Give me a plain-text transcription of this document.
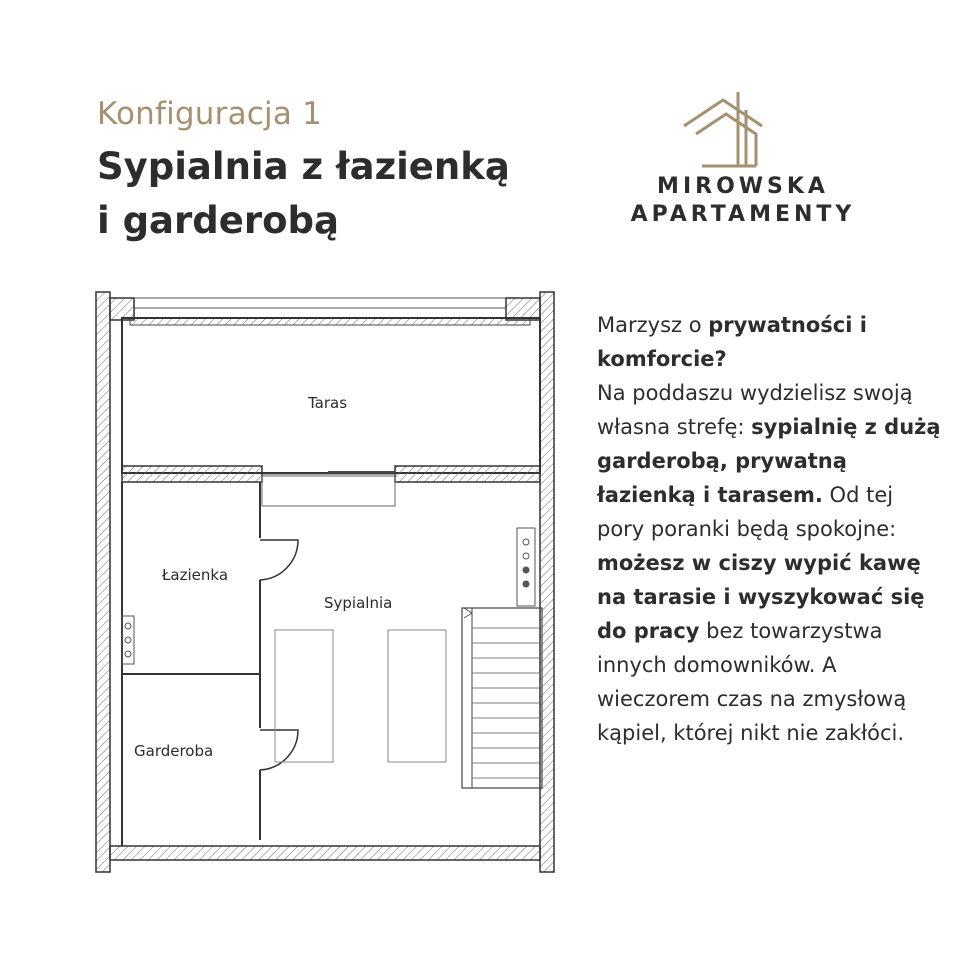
Konfiguracja 1
Sypialnia z łazienką
i garderobą
MIROWSKA
APARTAMENTY
Taras
Łazienka
Garderoba
Sypialnia

Marzysz o prywatności i komforcie?

Na poddaszu wydzielisz swoją własna strefę: sypialnię z dużą garderobą, prywatną łazienką i tarasem. Od tej pory poranki będą spokojne: możesz w ciszy wypić kawę na tarasie i wyszykować się do pracy bez towarzystwa innych domowników. A wieczorem czas na zmysłową kąpiel, której nikt nie zakłóci.
